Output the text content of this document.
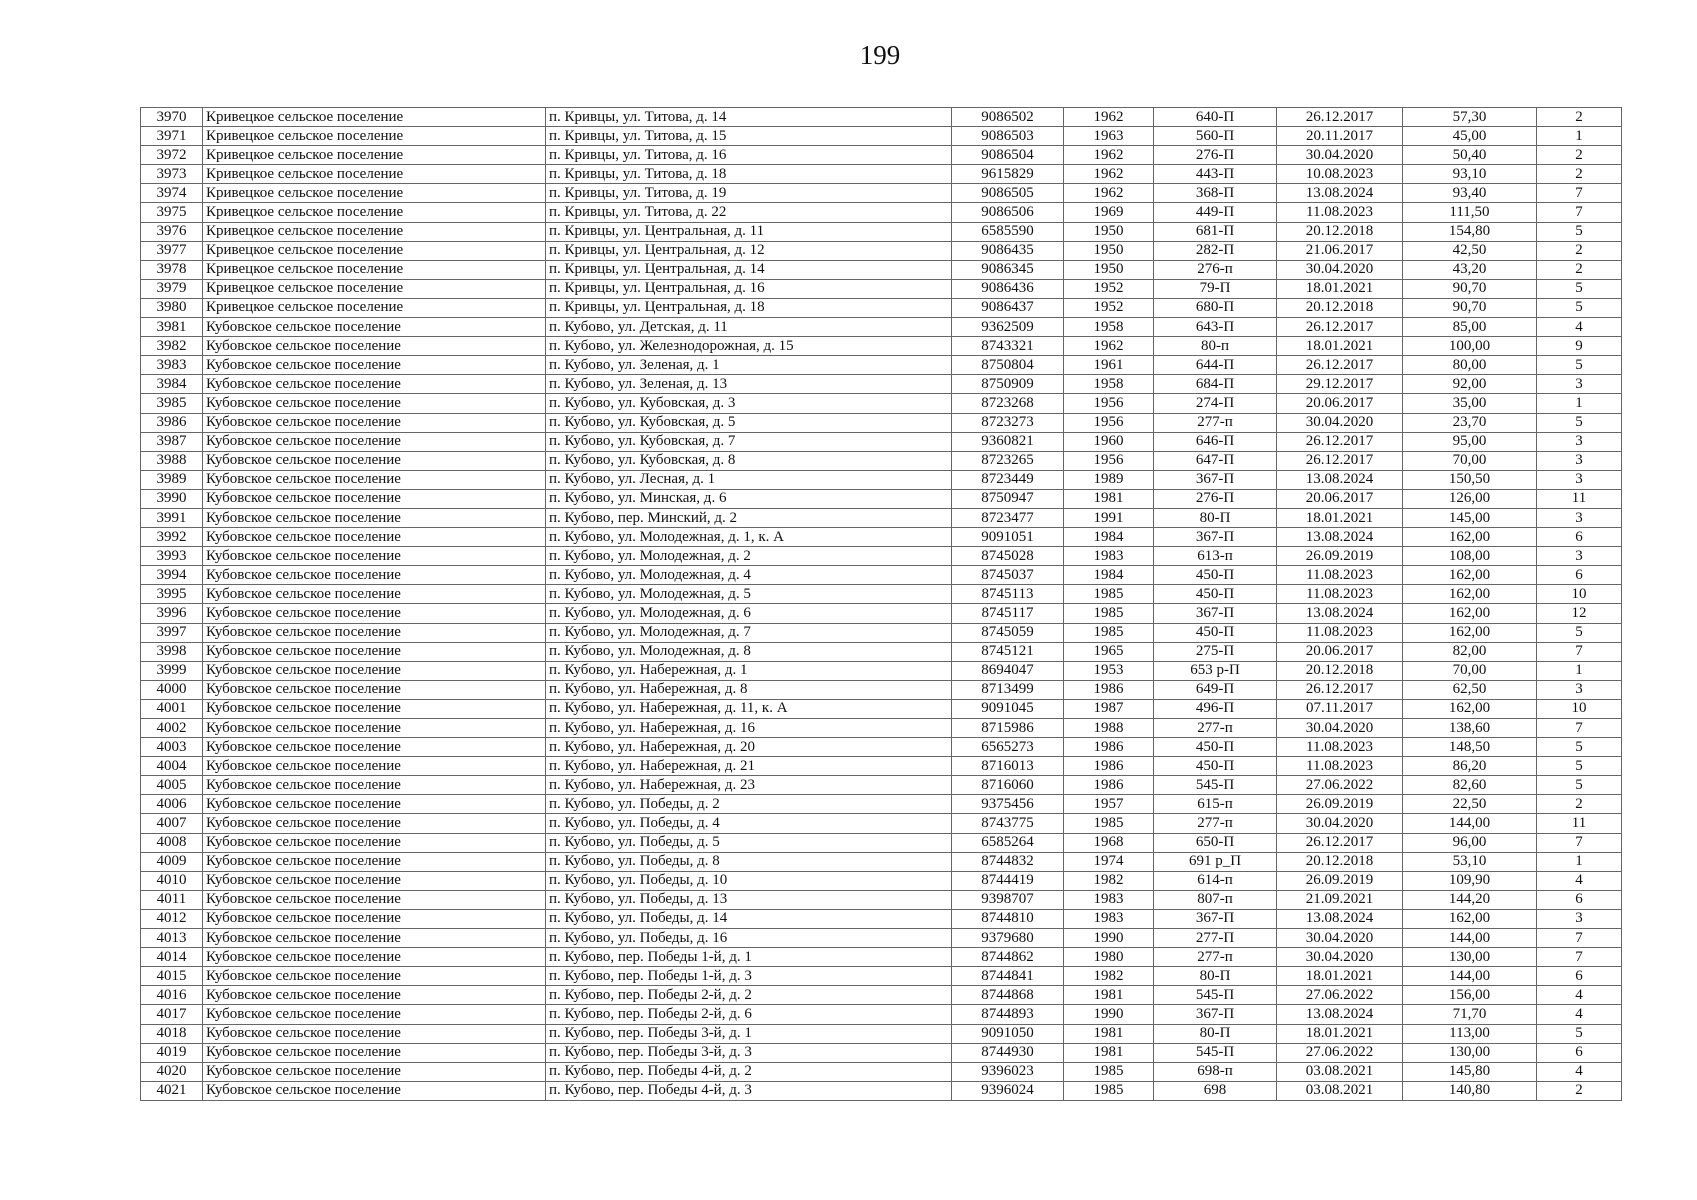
199
3970	Кривецкое сельское поселение	п. Кривцы, ул. Титова, д. 14	9086502	1962	640-П	26.12.2017	57,30	2
3971	Кривецкое сельское поселение	п. Кривцы, ул. Титова, д. 15	9086503	1963	560-П	20.11.2017	45,00	1
3972	Кривецкое сельское поселение	п. Кривцы, ул. Титова, д. 16	9086504	1962	276-П	30.04.2020	50,40	2
3973	Кривецкое сельское поселение	п. Кривцы, ул. Титова, д. 18	9615829	1962	443-П	10.08.2023	93,10	2
3974	Кривецкое сельское поселение	п. Кривцы, ул. Титова, д. 19	9086505	1962	368-П	13.08.2024	93,40	7
3975	Кривецкое сельское поселение	п. Кривцы, ул. Титова, д. 22	9086506	1969	449-П	11.08.2023	111,50	7
3976	Кривецкое сельское поселение	п. Кривцы, ул. Центральная, д. 11	6585590	1950	681-П	20.12.2018	154,80	5
3977	Кривецкое сельское поселение	п. Кривцы, ул. Центральная, д. 12	9086435	1950	282-П	21.06.2017	42,50	2
3978	Кривецкое сельское поселение	п. Кривцы, ул. Центральная, д. 14	9086345	1950	276-п	30.04.2020	43,20	2
3979	Кривецкое сельское поселение	п. Кривцы, ул. Центральная, д. 16	9086436	1952	79-П	18.01.2021	90,70	5
3980	Кривецкое сельское поселение	п. Кривцы, ул. Центральная, д. 18	9086437	1952	680-П	20.12.2018	90,70	5
3981	Кубовское сельское поселение	п. Кубово, ул. Детская, д. 11	9362509	1958	643-П	26.12.2017	85,00	4
3982	Кубовское сельское поселение	п. Кубово, ул. Железнодорожная, д. 15	8743321	1962	80-п	18.01.2021	100,00	9
3983	Кубовское сельское поселение	п. Кубово, ул. Зеленая, д. 1	8750804	1961	644-П	26.12.2017	80,00	5
3984	Кубовское сельское поселение	п. Кубово, ул. Зеленая, д. 13	8750909	1958	684-П	29.12.2017	92,00	3
3985	Кубовское сельское поселение	п. Кубово, ул. Кубовская, д. 3	8723268	1956	274-П	20.06.2017	35,00	1
3986	Кубовское сельское поселение	п. Кубово, ул. Кубовская, д. 5	8723273	1956	277-п	30.04.2020	23,70	5
3987	Кубовское сельское поселение	п. Кубово, ул. Кубовская, д. 7	9360821	1960	646-П	26.12.2017	95,00	3
3988	Кубовское сельское поселение	п. Кубово, ул. Кубовская, д. 8	8723265	1956	647-П	26.12.2017	70,00	3
3989	Кубовское сельское поселение	п. Кубово, ул. Лесная, д. 1	8723449	1989	367-П	13.08.2024	150,50	3
3990	Кубовское сельское поселение	п. Кубово, ул. Минская, д. 6	8750947	1981	276-П	20.06.2017	126,00	11
3991	Кубовское сельское поселение	п. Кубово, пер. Минский, д. 2	8723477	1991	80-П	18.01.2021	145,00	3
3992	Кубовское сельское поселение	п. Кубово, ул. Молодежная, д. 1, к. А	9091051	1984	367-П	13.08.2024	162,00	6
3993	Кубовское сельское поселение	п. Кубово, ул. Молодежная, д. 2	8745028	1983	613-п	26.09.2019	108,00	3
3994	Кубовское сельское поселение	п. Кубово, ул. Молодежная, д. 4	8745037	1984	450-П	11.08.2023	162,00	6
3995	Кубовское сельское поселение	п. Кубово, ул. Молодежная, д. 5	8745113	1985	450-П	11.08.2023	162,00	10
3996	Кубовское сельское поселение	п. Кубово, ул. Молодежная, д. 6	8745117	1985	367-П	13.08.2024	162,00	12
3997	Кубовское сельское поселение	п. Кубово, ул. Молодежная, д. 7	8745059	1985	450-П	11.08.2023	162,00	5
3998	Кубовское сельское поселение	п. Кубово, ул. Молодежная, д. 8	8745121	1965	275-П	20.06.2017	82,00	7
3999	Кубовское сельское поселение	п. Кубово, ул. Набережная, д. 1	8694047	1953	653 р-П	20.12.2018	70,00	1
4000	Кубовское сельское поселение	п. Кубово, ул. Набережная, д. 8	8713499	1986	649-П	26.12.2017	62,50	3
4001	Кубовское сельское поселение	п. Кубово, ул. Набережная, д. 11, к. А	9091045	1987	496-П	07.11.2017	162,00	10
4002	Кубовское сельское поселение	п. Кубово, ул. Набережная, д. 16	8715986	1988	277-п	30.04.2020	138,60	7
4003	Кубовское сельское поселение	п. Кубово, ул. Набережная, д. 20	6565273	1986	450-П	11.08.2023	148,50	5
4004	Кубовское сельское поселение	п. Кубово, ул. Набережная, д. 21	8716013	1986	450-П	11.08.2023	86,20	5
4005	Кубовское сельское поселение	п. Кубово, ул. Набережная, д. 23	8716060	1986	545-П	27.06.2022	82,60	5
4006	Кубовское сельское поселение	п. Кубово, ул. Победы, д. 2	9375456	1957	615-п	26.09.2019	22,50	2
4007	Кубовское сельское поселение	п. Кубово, ул. Победы, д. 4	8743775	1985	277-п	30.04.2020	144,00	11
4008	Кубовское сельское поселение	п. Кубово, ул. Победы, д. 5	6585264	1968	650-П	26.12.2017	96,00	7
4009	Кубовское сельское поселение	п. Кубово, ул. Победы, д. 8	8744832	1974	691 р_П	20.12.2018	53,10	1
4010	Кубовское сельское поселение	п. Кубово, ул. Победы, д. 10	8744419	1982	614-п	26.09.2019	109,90	4
4011	Кубовское сельское поселение	п. Кубово, ул. Победы, д. 13	9398707	1983	807-п	21.09.2021	144,20	6
4012	Кубовское сельское поселение	п. Кубово, ул. Победы, д. 14	8744810	1983	367-П	13.08.2024	162,00	3
4013	Кубовское сельское поселение	п. Кубово, ул. Победы, д. 16	9379680	1990	277-П	30.04.2020	144,00	7
4014	Кубовское сельское поселение	п. Кубово, пер. Победы 1-й, д. 1	8744862	1980	277-п	30.04.2020	130,00	7
4015	Кубовское сельское поселение	п. Кубово, пер. Победы 1-й, д. 3	8744841	1982	80-П	18.01.2021	144,00	6
4016	Кубовское сельское поселение	п. Кубово, пер. Победы 2-й, д. 2	8744868	1981	545-П	27.06.2022	156,00	4
4017	Кубовское сельское поселение	п. Кубово, пер. Победы 2-й, д. 6	8744893	1990	367-П	13.08.2024	71,70	4
4018	Кубовское сельское поселение	п. Кубово, пер. Победы 3-й, д. 1	9091050	1981	80-П	18.01.2021	113,00	5
4019	Кубовское сельское поселение	п. Кубово, пер. Победы 3-й, д. 3	8744930	1981	545-П	27.06.2022	130,00	6
4020	Кубовское сельское поселение	п. Кубово, пер. Победы 4-й, д. 2	9396023	1985	698-п	03.08.2021	145,80	4
4021	Кубовское сельское поселение	п. Кубово, пер. Победы 4-й, д. 3	9396024	1985	698	03.08.2021	140,80	2
